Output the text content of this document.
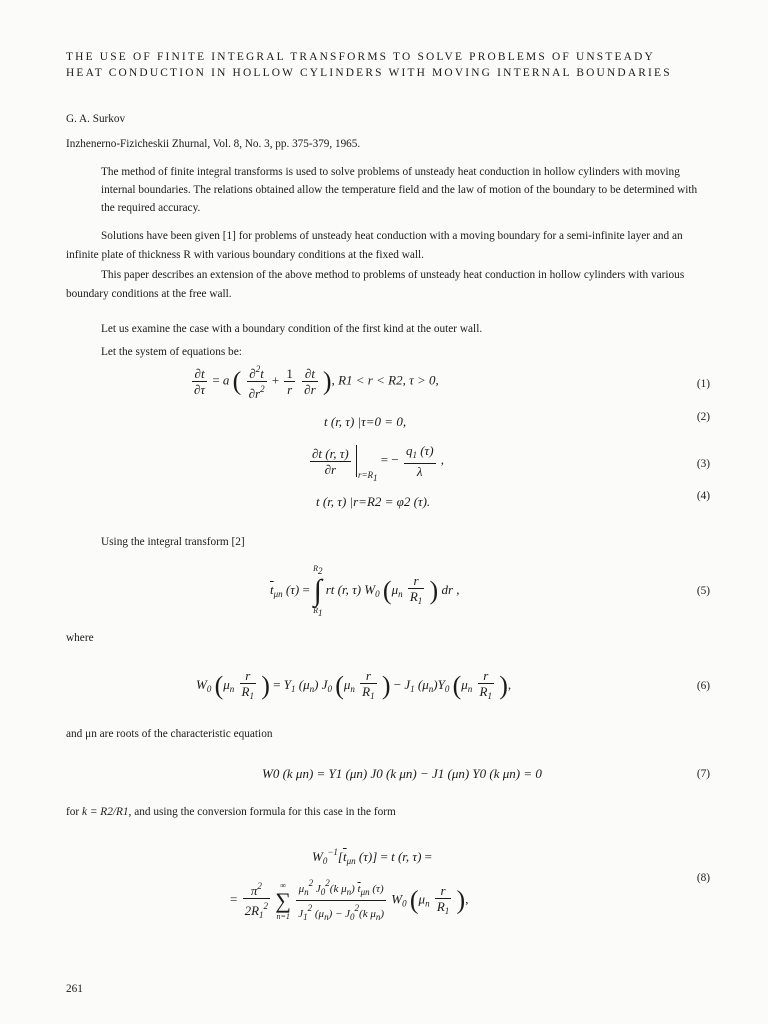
THE USE OF FINITE INTEGRAL TRANSFORMS TO SOLVE PROBLEMS OF UNSTEADY HEAT CONDUCTION IN HOLLOW CYLINDERS WITH MOVING INTERNAL BOUNDARIES
G. A. Surkov
Inzhenerno-Fizicheskii Zhurnal, Vol. 8, No. 3, pp. 375-379, 1965.
The method of finite integral transforms is used to solve problems of unsteady heat conduction in hollow cylinders with moving internal boundaries. The relations obtained allow the temperature field and the law of motion of the boundary to be determined with the required accuracy.
Solutions have been given [1] for problems of unsteady heat conduction with a moving boundary for a semi-infinite layer and an infinite plate of thickness R with various boundary conditions at the fixed wall.
This paper describes an extension of the above method to problems of unsteady heat conduction in hollow cylinders with various boundary conditions at the free wall.
Let us examine the case with a boundary condition of the first kind at the outer wall.
Let the system of equations be:
$\frac{\partial t}{\partial\tau} = a$ ( $\frac{\partial^2t}{\partial r^2} + \frac{1}{r}$
$\frac{\partial t}{\partial r}$ ), R1 < r < R2, τ > 0,	(1)
t (r, τ) |τ=0 = 0,	(2)
$\frac{\partial t (r, \tau)}{\partial r} _{r=R1}$ = − $\frac{q_1 (\tau)}{\lambda}$ ,	(3)
t (r, τ) |r=R2 = φ2 (τ).	(4)
Using the integral transform [2]
$\overline{t}_{\mu n}$ (τ) =
R2
∫
R1
rt (r, τ) $W_0$ ($\mu_n \frac{r}{R_1}$ ) dr ,	(5)
where
$W_0$ ($\mu_n \frac{r}{R_1}$ ) = $Y_1$ $(\mu_n)$ $J_0$ ($\mu_n \frac{r}{R_1}$ ) − $J_1$ $(\mu_n)Y_0$ ($\mu_n \frac{r}{R_1}$ ),	(6)
and μn are roots of the characteristic equation
W0 (k μn) = Y1 (μn) J0 (k μn) − J1 (μn) Y0 (k μn) = 0	(7)
for k = R2/R1, and using the conversion formula for this case in the form
$W_0^{-1}[\overline{t}_{\mu n}$ (τ)] = t (r, τ) =
= $\frac{\pi^2}{2R_1^2}$
	∞
∑
n=1
$\frac{\mu_n^2 J_0^2(k \mu_n) \overline{t}_{\mu n} (\tau)}{J_1^2 (\mu_n) - J_0^2(k \mu_n)} W_0$ ($\mu_n \frac{r}{R_1}$ ),
(8)
261
